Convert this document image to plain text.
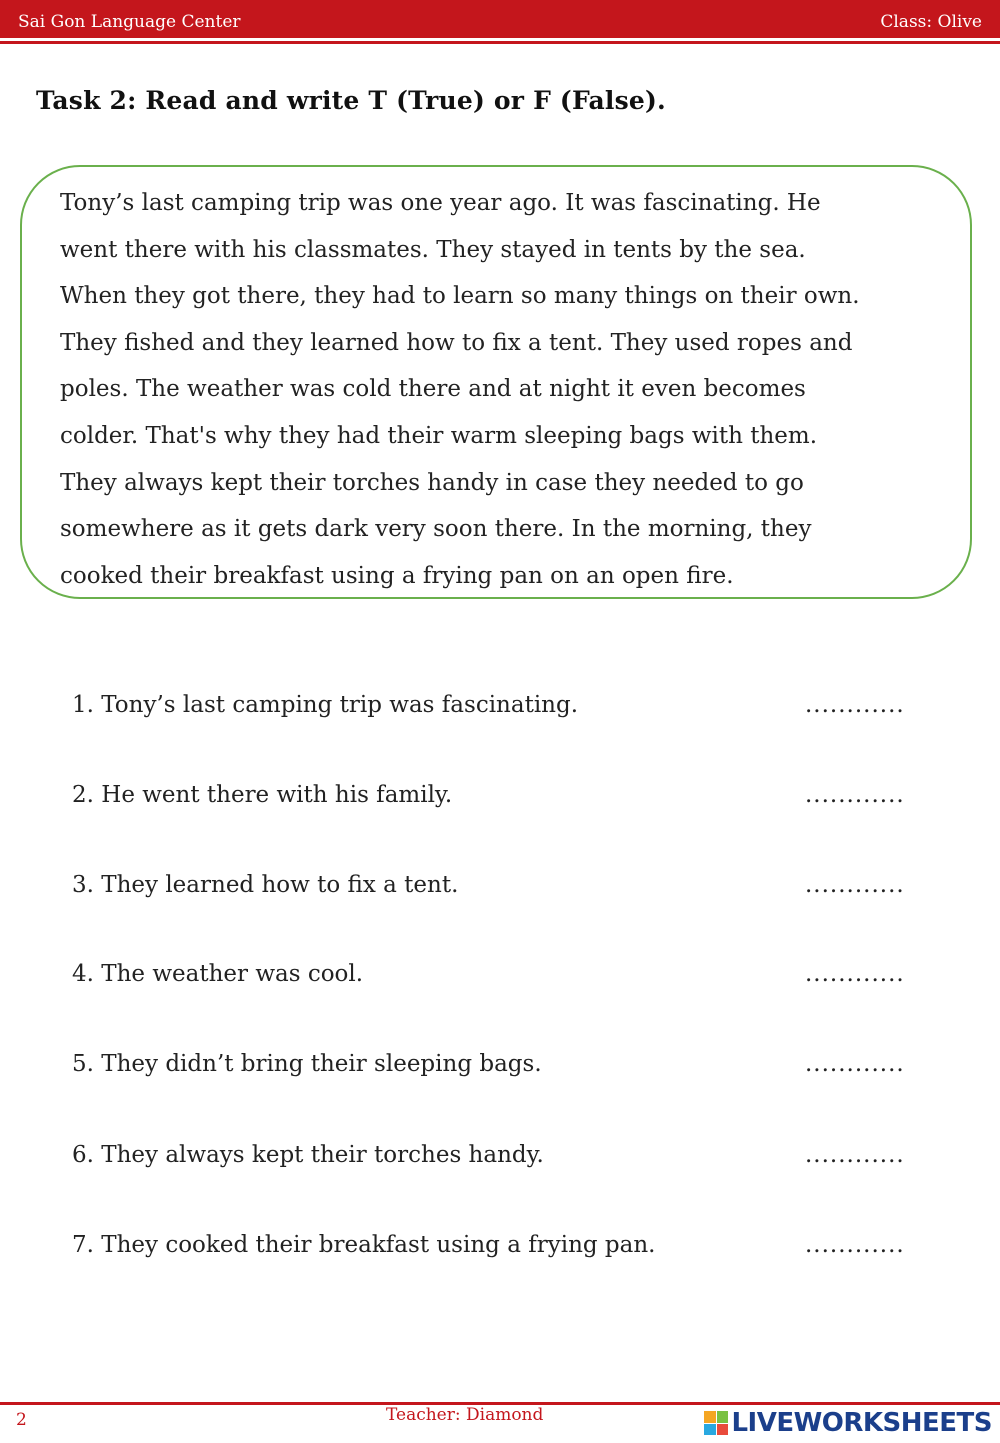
Sai Gon Language Center	Class: Olive
Task 2: Read and write T (True) or F (False).
Tony’s last camping trip was one year ago. It was fascinating. He
went there with his classmates. They stayed in tents by the sea.
When they got there, they had to learn so many things on their own.
They fished and they learned how to fix a tent. They used ropes and
poles. The weather was cold there and at night it even becomes
colder. That's why they had their warm sleeping bags with them.
They always kept their torches handy in case they needed to go
somewhere as it gets dark very soon there. In the morning, they
cooked their breakfast using a frying pan on an open fire.
1. Tony’s last camping trip was fascinating.	............
2. He went there with his family.	............
3. They learned how to fix a tent.	............
4. The weather was cool.	............
5. They didn’t bring their sleeping bags.	............
6. They always kept their torches handy.	............
7. They cooked their breakfast using a frying pan.	............
2	Teacher: Diamond	LIVEWORKSHEETS
